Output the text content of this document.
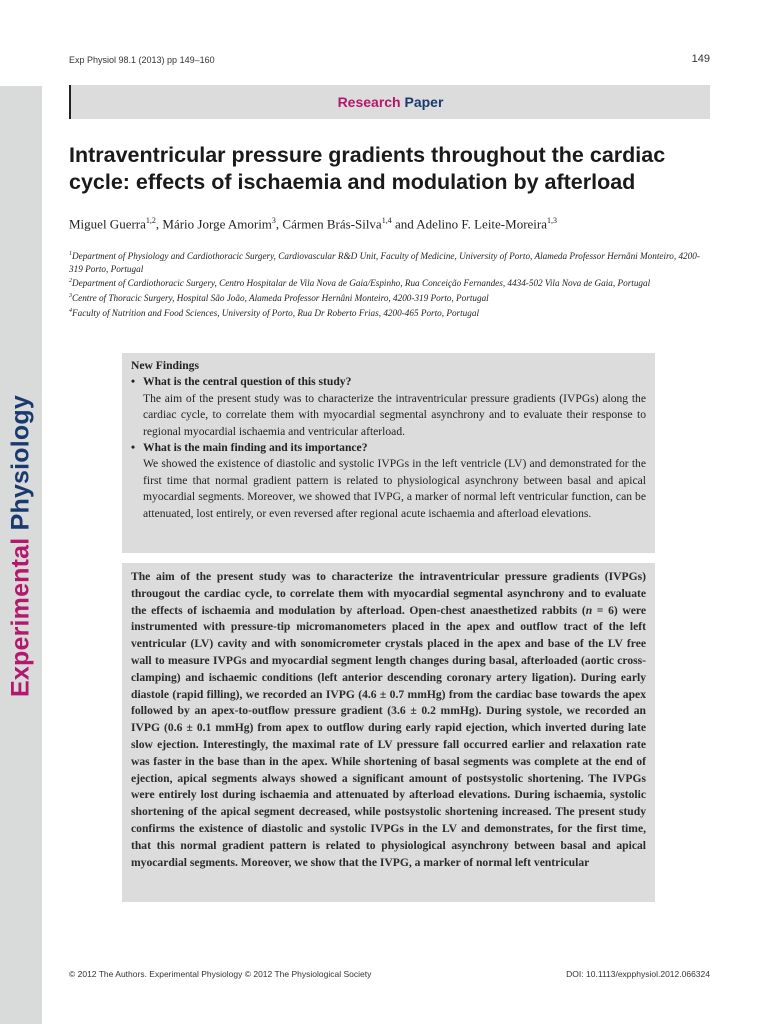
Experimental Physiology
Exp Physiol 98.1 (2013) pp 149–160	149
Research Paper
Intraventricular pressure gradients throughout the cardiac cycle: effects of ischaemia and modulation by afterload
Miguel Guerra$^{1,2}$, Mário Jorge Amorim$^3$, Cármen Brás-Silva$^{1,4}$ and Adelino F. Leite-Moreira$^{1,3}$

$^1$Department of Physiology and Cardiothoracic Surgery, Cardiovascular R&D Unit, Faculty of Medicine, University of Porto, Alameda Professor Hernâni Monteiro, 4200-319 Porto, Portugal

$^2$Department of Cardiothoracic Surgery, Centro Hospitalar de Vila Nova de Gaia/Espinho, Rua Conceição Fernandes, 4434-502 Vila Nova de Gaia, Portugal

$^3$Centre of Thoracic Surgery, Hospital São João, Alameda Professor Hernâni Monteiro, 4200-319 Porto, Portugal

$^4$Faculty of Nutrition and Food Sciences, University of Porto, Rua Dr Roberto Frias, 4200-465 Porto, Portugal

New Findings
• What is the central question of this study?
The aim of the present study was to characterize the intraventricular pressure gradients (IVPGs) along the cardiac cycle, to correlate them with myocardial segmental asynchrony and to evaluate their response to regional myocardial ischaemia and ventricular afterload.
• What is the main finding and its importance?
We showed the existence of diastolic and systolic IVPGs in the left ventricle (LV) and demonstrated for the first time that normal gradient pattern is related to physiological asynchrony between basal and apical myocardial segments. Moreover, we showed that IVPG, a marker of normal left ventricular function, can be attenuated, lost entirely, or even reversed after regional acute ischaemia and afterload elevations.
The aim of the present study was to characterize the intraventricular pressure gradients (IVPGs) througout the cardiac cycle, to correlate them with myocardial segmental asynchrony and to evaluate the effects of ischaemia and modulation by afterload. Open-chest anaesthetized rabbits (n = 6) were instrumented with pressure-tip micromanometers placed in the apex and outflow tract of the left ventricular (LV) cavity and with sonomicrometer crystals placed in the apex and base of the LV free wall to measure IVPGs and myocardial segment length changes during basal, afterloaded (aortic cross-clamping) and ischaemic conditions (left anterior descending coronary artery ligation). During early diastole (rapid filling), we recorded an IVPG (4.6 ± 0.7 mmHg) from the cardiac base towards the apex followed by an apex-to-outflow pressure gradient (3.6 ± 0.2 mmHg). During systole, we recorded an IVPG (0.6 ± 0.1 mmHg) from apex to outflow during early rapid ejection, which inverted during late slow ejection. Interestingly, the maximal rate of LV pressure fall occurred earlier and relaxation rate was faster in the base than in the apex. While shortening of basal segments was complete at the end of ejection, apical segments always showed a significant amount of postsystolic shortening. The IVPGs were entirely lost during ischaemia and attenuated by afterload elevations. During ischaemia, systolic shortening of the apical segment decreased, while postsystolic shortening increased. The present study confirms the existence of diastolic and systolic IVPGs in the LV and demonstrates, for the first time, that this normal gradient pattern is related to physiological asynchrony between basal and apical myocardial segments. Moreover, we show that the IVPG, a marker of normal left ventricular
© 2012 The Authors. Experimental Physiology © 2012 The Physiological Society	DOI: 10.1113/expphysiol.2012.066324
